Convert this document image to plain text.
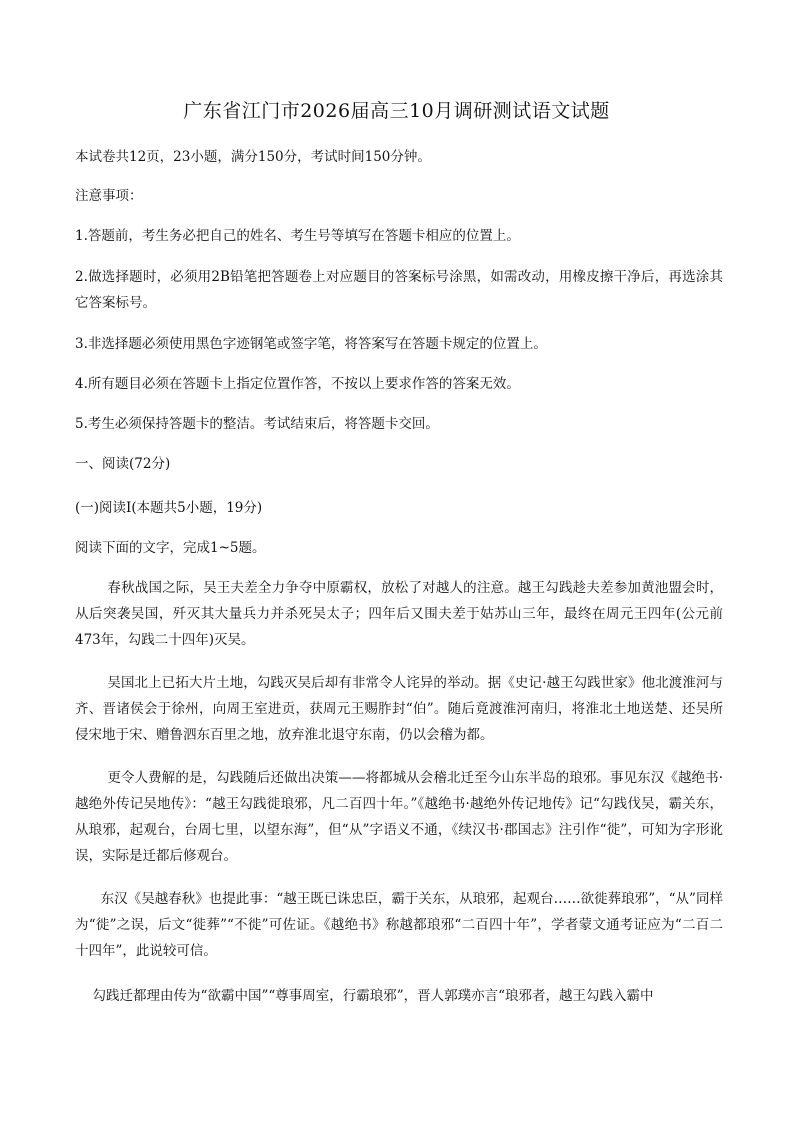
广东省江门市2026届高三10月调研测试语文试题
本试卷共12页，23小题，满分150分，考试时间150分钟。
注意事项：
1.答题前，考生务必把自己的姓名、考生号等填写在答题卡相应的位置上。
2.做选择题时，必须用2B铅笔把答题卷上对应题目的答案标号涂黑，如需改动，用橡皮擦干净后，再选涂其它答案标号。
3.非选择题必须使用黑色字迹钢笔或签字笔，将答案写在答题卡规定的位置上。
4.所有题目必须在答题卡上指定位置作答，不按以上要求作答的答案无效。
5.考生必须保持答题卡的整洁。考试结束后，将答题卡交回。
一、阅读(72分)
(一)阅读Ⅰ(本题共5小题，19分)
阅读下面的文字，完成1~5题。
春秋战国之际，吴王夫差全力争夺中原霸权，放松了对越人的注意。越王勾践趁夫差参加黄池盟会时，从后突袭吴国，歼灭其大量兵力并杀死吴太子；四年后又围夫差于姑苏山三年，最终在周元王四年(公元前473年，勾践二十四年)灭吴。
吴国北上已拓大片土地，勾践灭吴后却有非常令人诧异的举动。据《史记·越王勾践世家》他北渡淮河与齐、晋诸侯会于徐州，向周王室进贡，获周元王赐胙封“伯”。随后竟渡淮河南归，将淮北土地送楚、还吴所侵宋地于宋、赠鲁泗东百里之地，放弃淮北退守东南，仍以会稽为都。
更令人费解的是，勾践随后还做出决策——将都城从会稽北迁至今山东半岛的琅邪。事见东汉《越绝书·越绝外传记吴地传》：“越王勾践徙琅邪，凡二百四十年。”《越绝书·越绝外传记地传》记“勾践伐吴，霸关东，从琅邪，起观台，台周七里，以望东海”，但“从”字语义不通，《续汉书·郡国志》注引作“徙”，可知为字形讹误，实际是迁都后修观台。
东汉《吴越春秋》也提此事：“越王既已诛忠臣，霸于关东，从琅邪，起观台……欲徙葬琅邪”，“从”同样为“徙”之误，后文“徙葬”“不徙”可佐证。《越绝书》称越都琅邪“二百四十年”，学者蒙文通考证应为“二百二十四年”，此说较可信。
勾践迁都理由传为“欲霸中国”“尊事周室，行霸琅邪”，晋人郭璞亦言“琅邪者，越王勾践入霸中
